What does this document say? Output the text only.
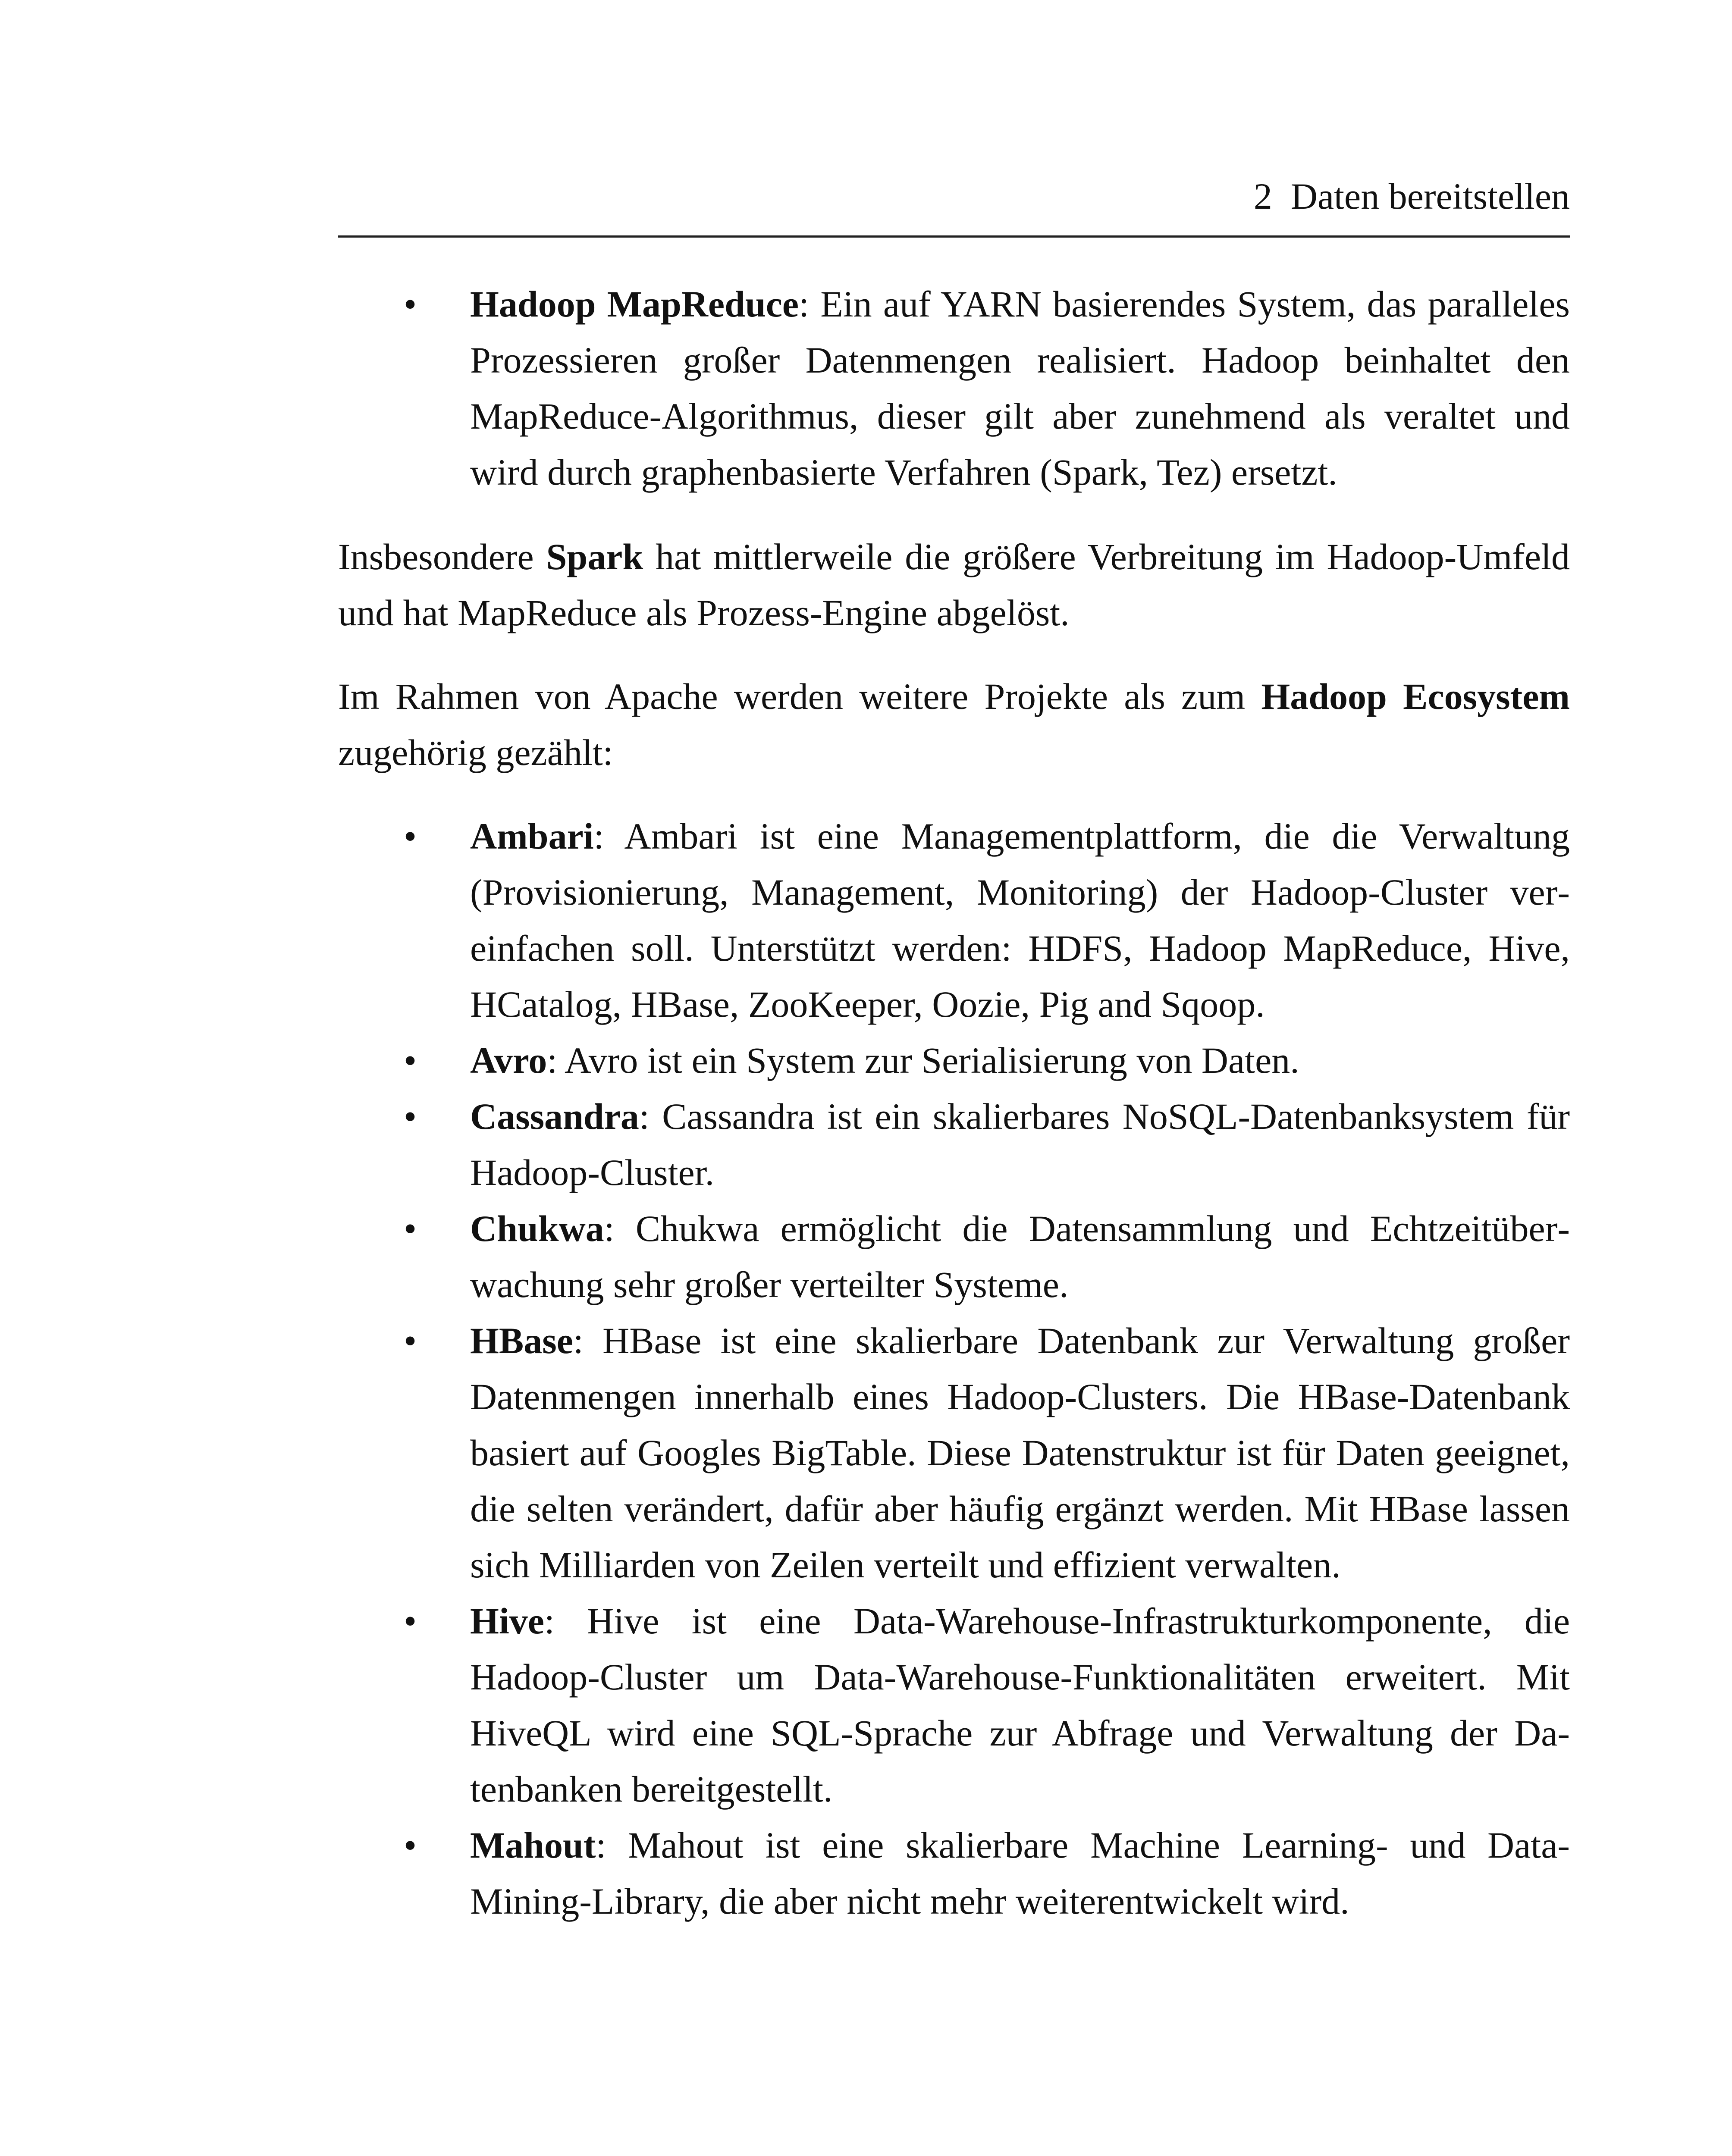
2 Daten bereitstellen
•	Hadoop MapReduce: Ein auf YARN basierendes System, das paralleles Prozessieren großer Datenmengen realisiert. Hadoop beinhaltet den MapReduce-Algorithmus, dieser gilt aber zunehmend als veraltet und wird durch graphenbasierte Verfahren (Spark, Tez) ersetzt.

Insbesondere Spark hat mittlerweile die größere Verbreitung im Hadoop-Umfeld und hat MapReduce als Prozess-Engine abgelöst.

Im Rahmen von Apache werden weitere Projekte als zum Hadoop Ecosystem zugehörig gezählt:

•	Ambari: Ambari ist eine Managementplattform, die die Verwaltung (Provisionierung, Management, Monitoring) der Hadoop-Cluster vereinfachen soll. Unterstützt werden: HDFS, Hadoop MapReduce, Hive, HCatalog, HBase, ZooKeeper, Oozie, Pig and Sqoop.
•	Avro: Avro ist ein System zur Serialisierung von Daten.
•	Cassandra: Cassandra ist ein skalierbares NoSQL-Datenbanksystem für Hadoop-Cluster.
•	Chukwa: Chukwa ermöglicht die Datensammlung und Echtzeitüberwachung sehr großer verteilter Systeme.
•	HBase: HBase ist eine skalierbare Datenbank zur Verwaltung großer Datenmengen innerhalb eines Hadoop-Clusters. Die HBase-Datenbank basiert auf Googles BigTable. Diese Datenstruktur ist für Daten geeignet, die selten verändert, dafür aber häufig ergänzt werden. Mit HBase lassen sich Milliarden von Zeilen verteilt und effizient verwalten.
•	Hive: Hive ist eine Data-Warehouse-Infrastrukturkomponente, die Hadoop-Cluster um Data-Warehouse-Funktionalitäten erweitert. Mit HiveQL wird eine SQL-Sprache zur Abfrage und Verwaltung der Datenbanken bereitgestellt.
•	Mahout: Mahout ist eine skalierbare Machine Learning- und Data-Mining-Library, die aber nicht mehr weiterentwickelt wird.
